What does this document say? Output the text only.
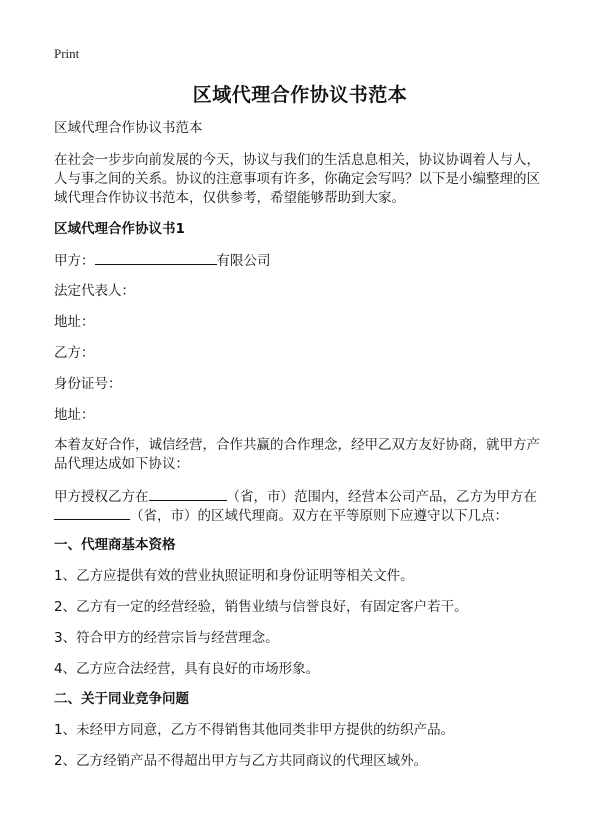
Print
区域代理合作协议书范本
区域代理合作协议书范本
在社会一步步向前发展的今天，协议与我们的生活息息相关，协议协调着人与人，
人与事之间的关系。协议的注意事项有许多，你确定会写吗？以下是小编整理的区
域代理合作协议书范本，仅供参考，希望能够帮助到大家。
区域代理合作协议书1
甲方：	有限公司
法定代表人：
地址：
乙方：
身份证号：
地址：
本着友好合作，诚信经营，合作共赢的合作理念，经甲乙双方友好协商，就甲方产
品代理达成如下协议：
甲方授权乙方在	（省，市）范围内，经营本公司产品，乙方为甲方在
（省，市）的区域代理商。双方在平等原则下应遵守以下几点：
一、代理商基本资格
1、乙方应提供有效的营业执照证明和身份证明等相关文件。
2、乙方有一定的经营经验，销售业绩与信誉良好，有固定客户若干。
3、符合甲方的经营宗旨与经营理念。
4、乙方应合法经营，具有良好的市场形象。
二、关于同业竞争问题
1、未经甲方同意，乙方不得销售其他同类非甲方提供的纺织产品。
2、乙方经销产品不得超出甲方与乙方共同商议的代理区域外。
